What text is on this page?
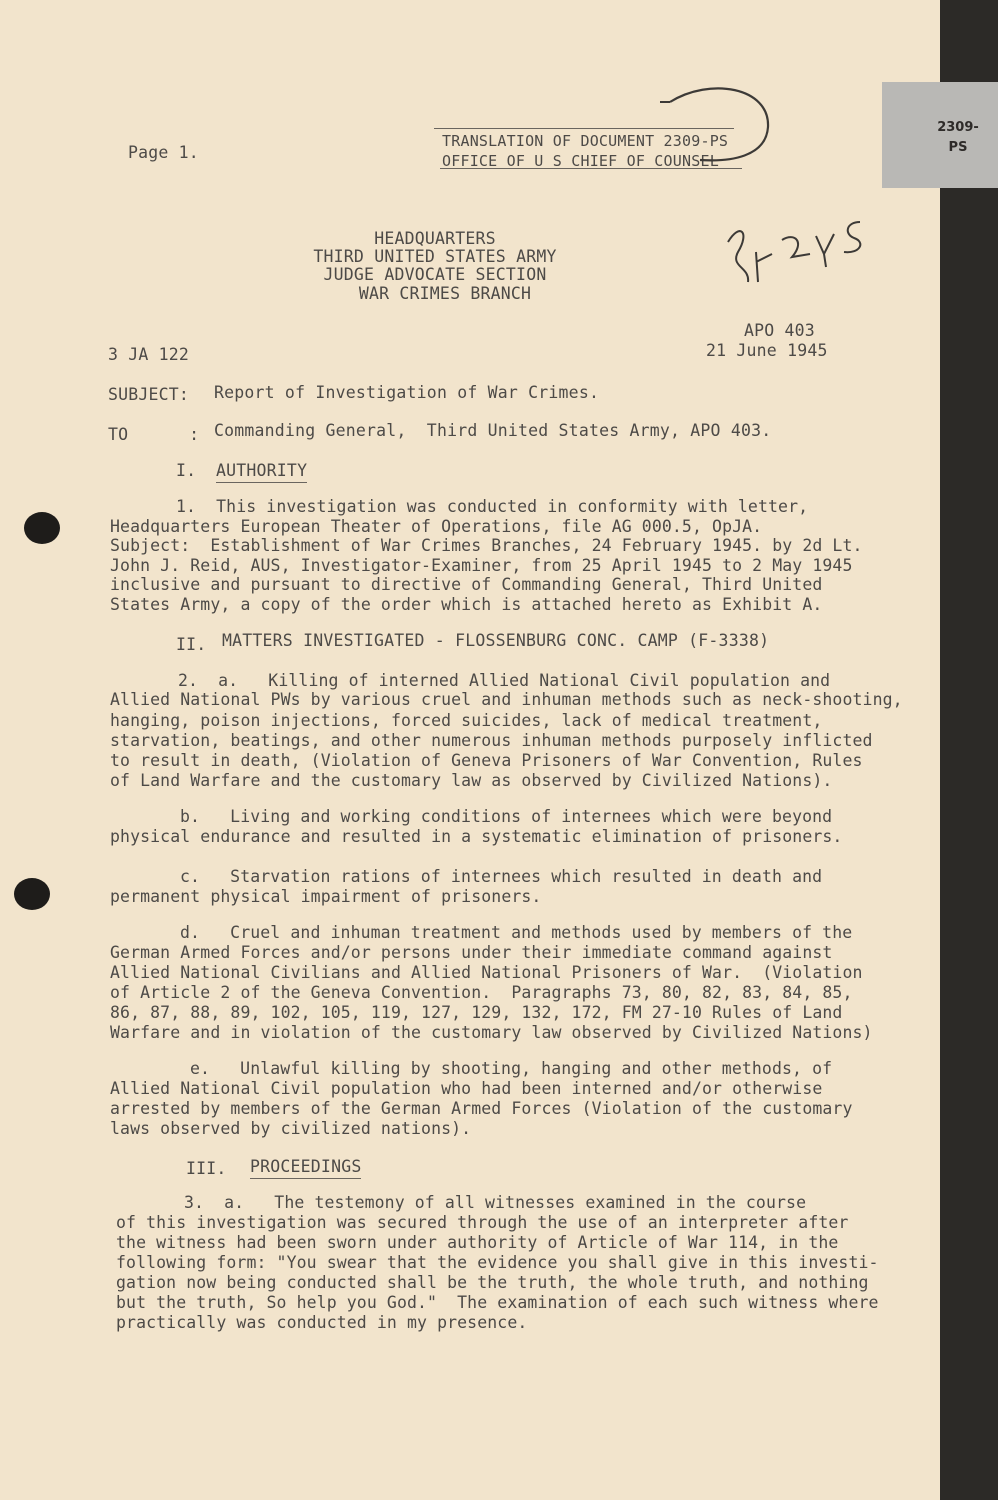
Page 1.
TRANSLATION OF DOCUMENT 2309-PS
OFFICE OF U S CHIEF OF COUNSEL
HEADQUARTERS
THIRD UNITED STATES ARMY
JUDGE ADVOCATE SECTION
WAR CRIMES BRANCH
3 JA 122
APO 403
21 June 1945
SUBJECT: Report of Investigation of War Crimes.
TO      : Commanding General,  Third United States Army, APO 403.
I. AUTHORITY
1.  This investigation was conducted in conformity with letter,
Headquarters European Theater of Operations, file AG 000.5, OpJA.
Subject:  Establishment of War Crimes Branches, 24 February 1945. by 2d Lt.
John J. Reid, AUS, Investigator-Examiner, from 25 April 1945 to 2 May 1945
inclusive and pursuant to directive of Commanding General, Third United
States Army, a copy of the order which is attached hereto as Exhibit A.
II. MATTERS INVESTIGATED - FLOSSENBURG CONC. CAMP (F-3338)
2.  a.   Killing of interned Allied National Civil population and
Allied National PWs by various cruel and inhuman methods such as neck-shooting,
hanging, poison injections, forced suicides, lack of medical treatment,
starvation, beatings, and other numerous inhuman methods purposely inflicted
to result in death, (Violation of Geneva Prisoners of War Convention, Rules
of Land Warfare and the customary law as observed by Civilized Nations).
b.   Living and working conditions of internees which were beyond
physical endurance and resulted in a systematic elimination of prisoners.
c.   Starvation rations of internees which resulted in death and
permanent physical impairment of prisoners.
d.   Cruel and inhuman treatment and methods used by members of the
German Armed Forces and/or persons under their immediate command against
Allied National Civilians and Allied National Prisoners of War.  (Violation
of Article 2 of the Geneva Convention.  Paragraphs 73, 80, 82, 83, 84, 85,
86, 87, 88, 89, 102, 105, 119, 127, 129, 132, 172, FM 27-10 Rules of Land
Warfare and in violation of the customary law observed by Civilized Nations)
e.   Unlawful killing by shooting, hanging and other methods, of
Allied National Civil population who had been interned and/or otherwise
arrested by members of the German Armed Forces (Violation of the customary
laws observed by civilized nations).
III. PROCEEDINGS
3.  a.   The testemony of all witnesses examined in the course
of this investigation was secured through the use of an interpreter after
the witness had been sworn under authority of Article of War 114, in the
following form: "You swear that the evidence you shall give in this investi-
gation now being conducted shall be the truth, the whole truth, and nothing
but the truth, So help you God."  The examination of each such witness where
practically was conducted in my presence.
2309-
PS
